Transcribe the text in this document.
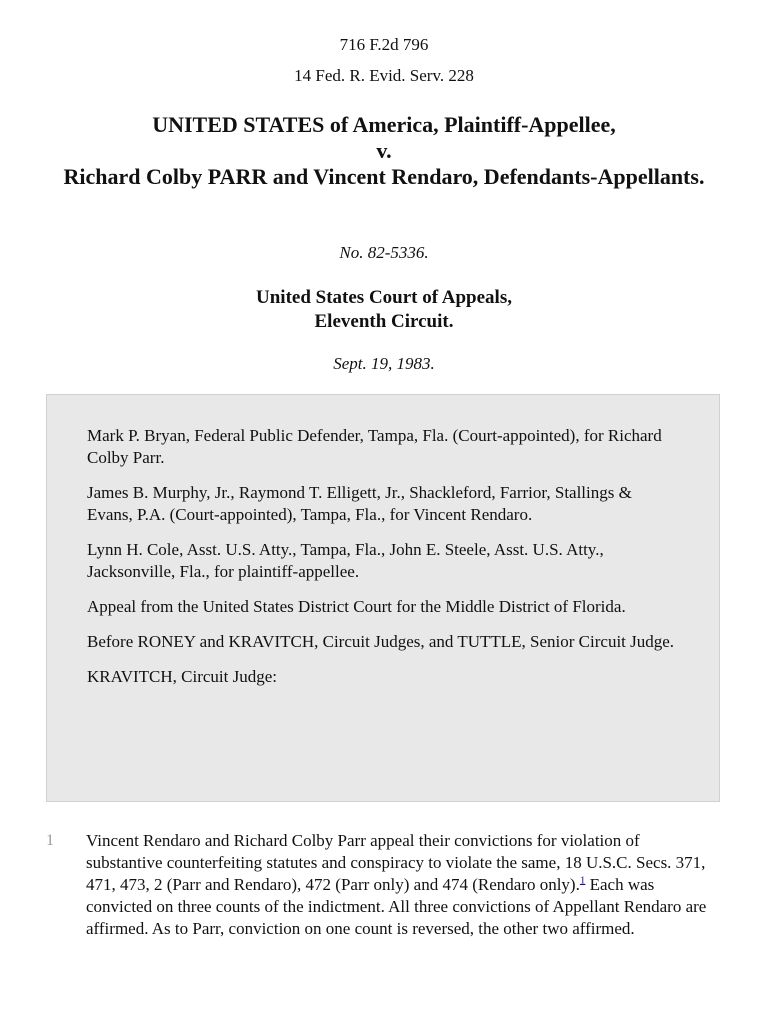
716 F.2d 796
14 Fed. R. Evid. Serv. 228
UNITED STATES of America, Plaintiff-Appellee,
v.
Richard Colby PARR and Vincent Rendaro, Defendants-Appellants.
No. 82-5336.
United States Court of Appeals,
Eleventh Circuit.
Sept. 19, 1983.

Mark P. Bryan, Federal Public Defender, Tampa, Fla. (Court-appointed), for Richard Colby Parr.

James B. Murphy, Jr., Raymond T. Elligett, Jr., Shackleford, Farrior, Stallings & Evans, P.A. (Court-appointed), Tampa, Fla., for Vincent Rendaro.

Lynn H. Cole, Asst. U.S. Atty., Tampa, Fla., John E. Steele, Asst. U.S. Atty., Jacksonville, Fla., for plaintiff-appellee.

Appeal from the United States District Court for the Middle District of Florida.

Before RONEY and KRAVITCH, Circuit Judges, and TUTTLE, Senior Circuit Judge.

KRAVITCH, Circuit Judge:

1 Vincent Rendaro and Richard Colby Parr appeal their convictions for violation of substantive counterfeiting statutes and conspiracy to violate the same, 18 U.S.C. Secs. 371, 471, 473, 2 (Parr and Rendaro), 472 (Parr only) and 474 (Rendaro only).$^1$ Each was convicted on three counts of the indictment. All three convictions of Appellant Rendaro are affirmed. As to Parr, conviction on one count is reversed, the other two affirmed.
